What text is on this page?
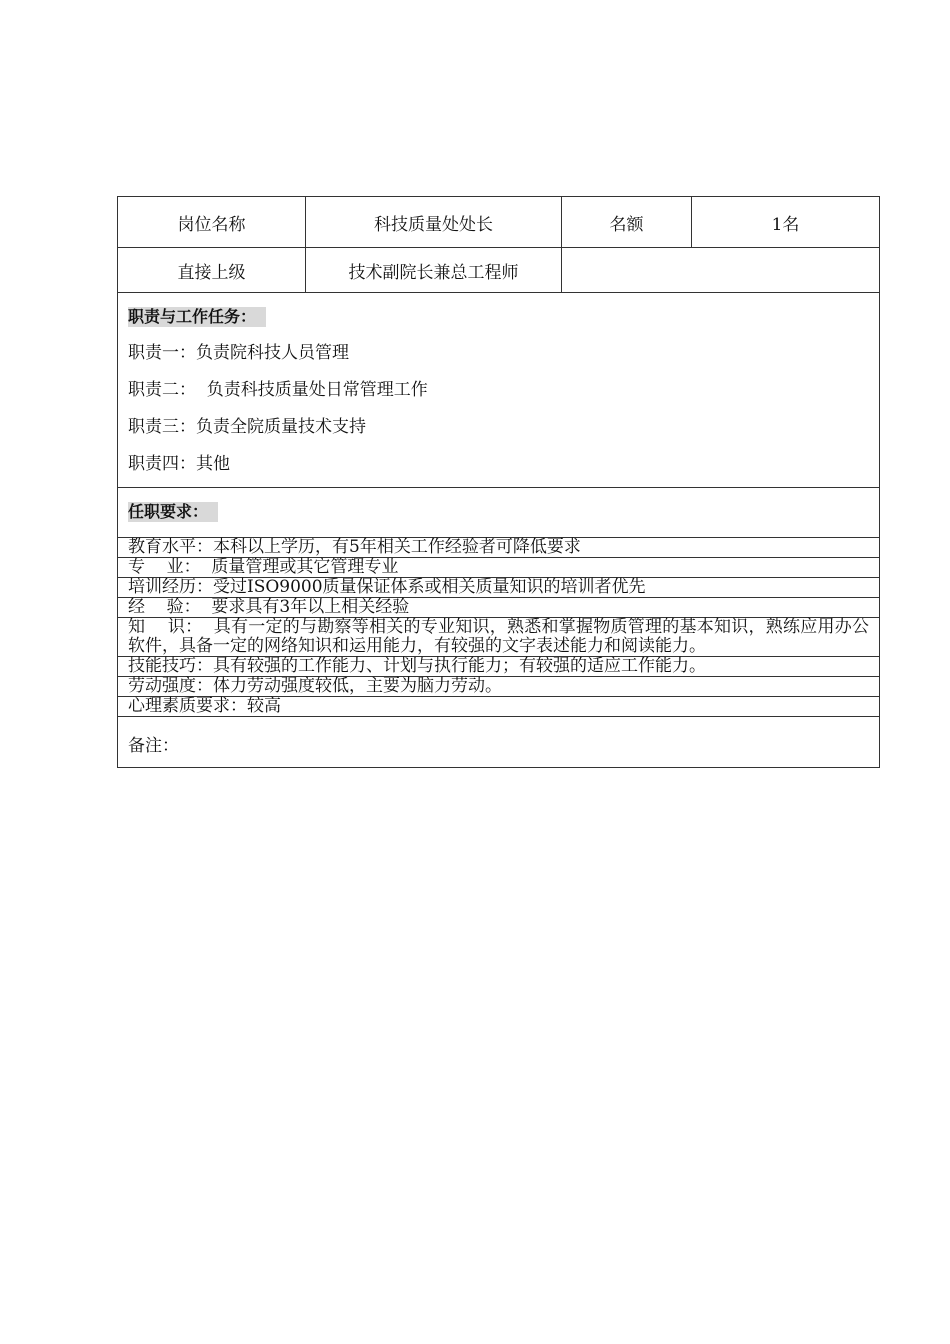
岗位名称	科技质量处处长	名额	1名
直接上级	技术副院长兼总工程师
职责与工作任务：
职责一：负责院科技人员管理
职责二：  负责科技质量处日常管理工作
职责三：负责全院质量技术支持
职责四：其他
任职要求：
教育水平：本科以上学历，有5年相关工作经验者可降低要求
专    业：  质量管理或其它管理专业
培训经历：受过ISO9000质量保证体系或相关质量知识的培训者优先
经    验：  要求具有3年以上相关经验
知    识：  具有一定的与勘察等相关的专业知识，熟悉和掌握物质管理的基本知识，熟练应用办公软件，具备一定的网络知识和运用能力，有较强的文字表述能力和阅读能力。
技能技巧：具有较强的工作能力、计划与执行能力；有较强的适应工作能力。
劳动强度：体力劳动强度较低，主要为脑力劳动。
心理素质要求：较高
备注：
